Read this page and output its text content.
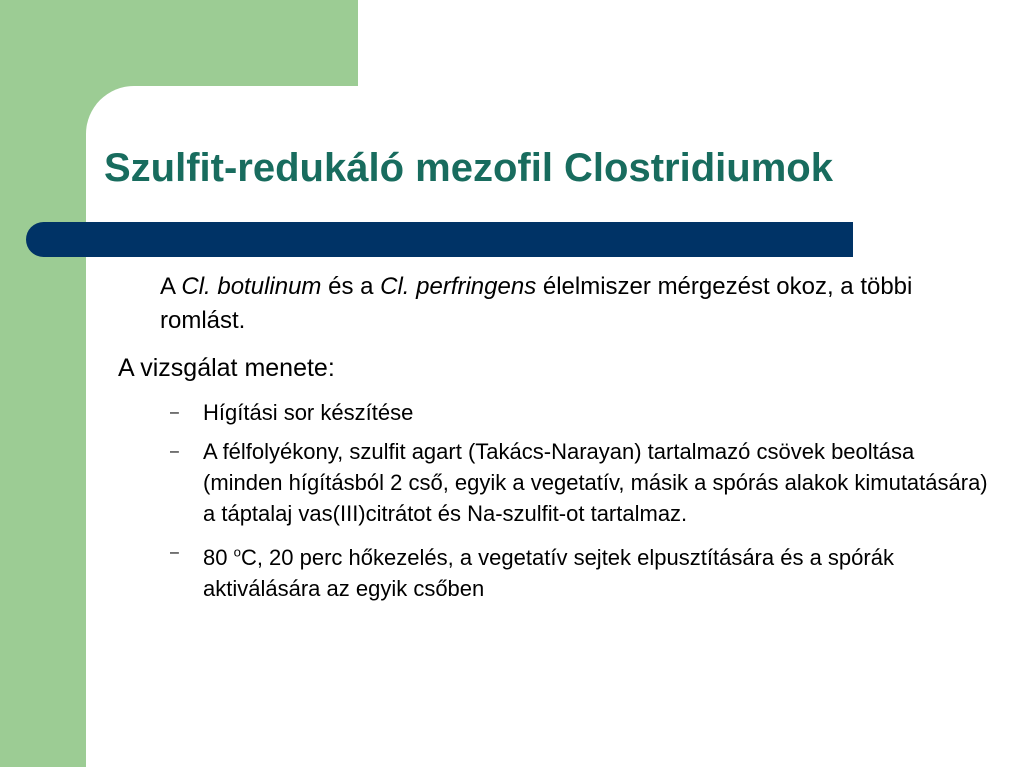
Szulfit-redukáló mezofil Clostridiumok
A Cl. botulinum és a Cl. perfringens élelmiszer mérgezést okoz, a többi romlást.
A vizsgálat menete:
– Hígítási sor készítése
– A félfolyékony, szulfit agart (Takács-Narayan) tartalmazó csövek beoltása (minden hígításból 2 cső, egyik a vegetatív, másik a spórás alakok kimutatására) a táptalaj vas(III)citrátot és Na-szulfit-ot tartalmaz.
– 80 $^o$C, 20 perc hőkezelés, a vegetatív sejtek elpusztítására és a spórák aktiválására az egyik csőben
